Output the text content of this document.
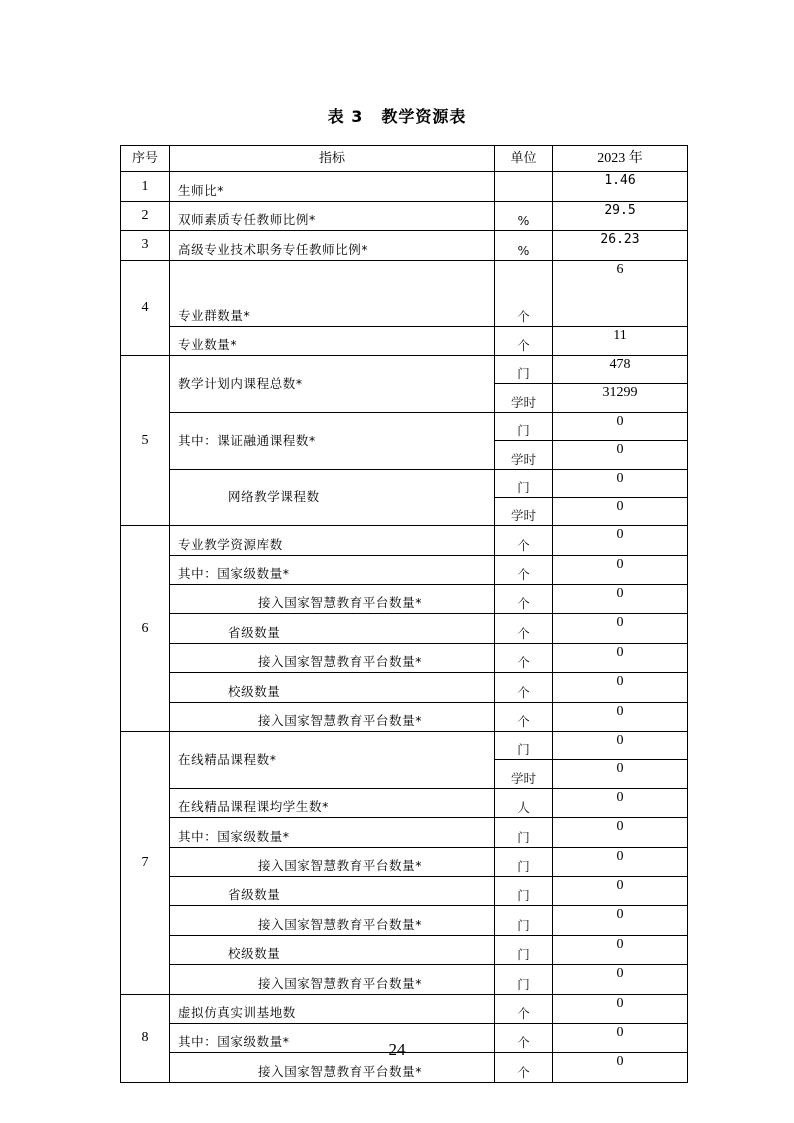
表 3 教学资源表
序号	指标	单位	2023 年
1	生师比*		1.46
2	双师素质专任教师比例*	%	29.5
3	高级专业技术职务专任教师比例*	%	26.23
4	专业群数量*	个	6
	专业数量*	个	11
5	教学计划内课程总数*	门	478
		学时	31299
	其中：课证融通课程数*	门	0
		学时	0
	网络教学课程数	门	0
		学时	0
6	专业教学资源库数	个	0
	其中：国家级数量*	个	0
	接入国家智慧教育平台数量*	个	0
	省级数量	个	0
	接入国家智慧教育平台数量*	个	0
	校级数量	个	0
	接入国家智慧教育平台数量*	个	0
7	在线精品课程数*	门	0
		学时	0
	在线精品课程课均学生数*	人	0
	其中：国家级数量*	门	0
	接入国家智慧教育平台数量*	门	0
	省级数量	门	0
	接入国家智慧教育平台数量*	门	0
	校级数量	门	0
	接入国家智慧教育平台数量*	门	0
8	虚拟仿真实训基地数	个	0
	其中：国家级数量*	个	0
	接入国家智慧教育平台数量*	个	0
24
